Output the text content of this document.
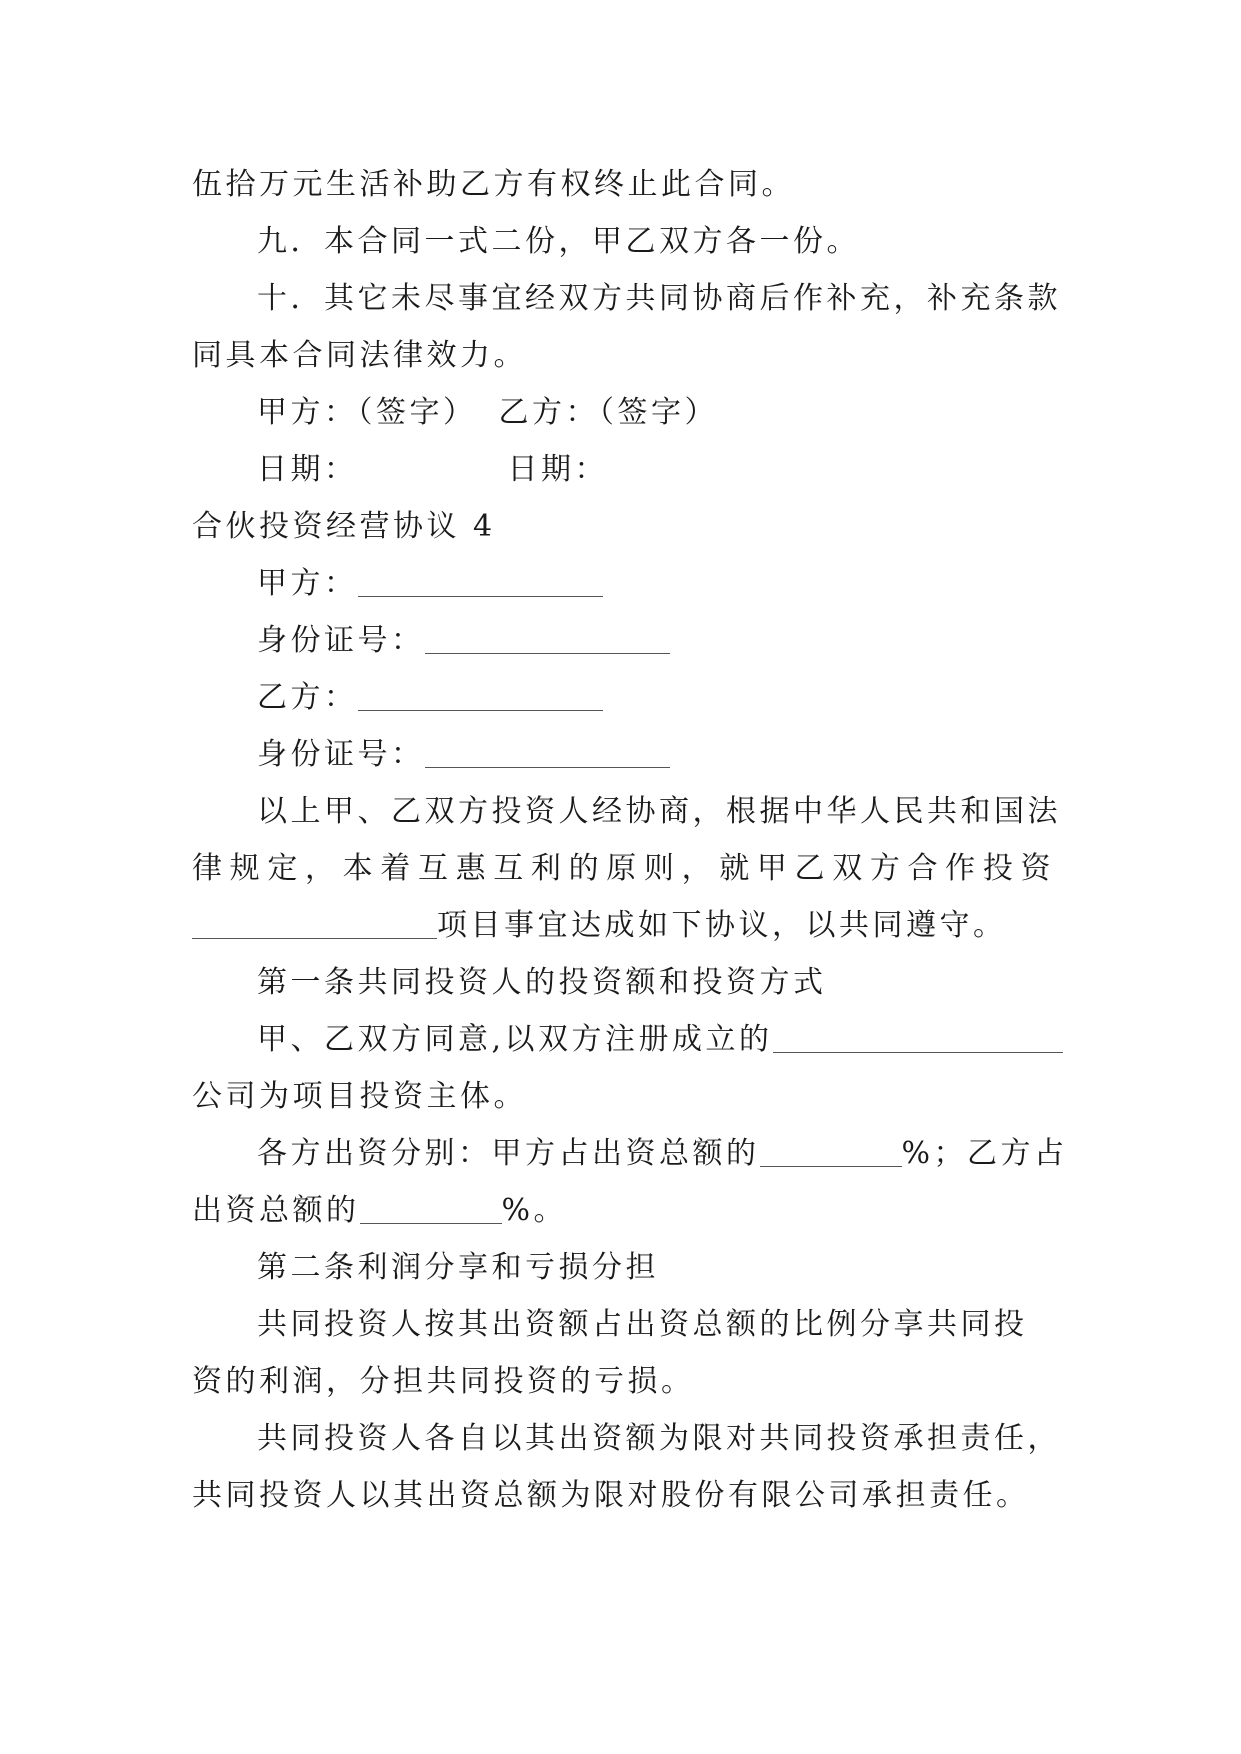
伍拾万元生活补助乙方有权终止此合同。
九．本合同一式二份，甲乙双方各一份。
十．其它未尽事宜经双方共同协商后作补充，补充条款
同具本合同法律效力。
甲方：（签字） 乙方：（签字）
日期：	日期：
合伙投资经营协议 4
甲方：
身份证号：
乙方：
身份证号：
以上甲、乙双方投资人经协商，根据中华人民共和国法
律规定，本着互惠互利的原则，就甲乙双方合作投资
项目事宜达成如下协议，以共同遵守。
第一条共同投资人的投资额和投资方式
甲、乙双方同意,以双方注册成立的
公司为项目投资主体。
各方出资分别：甲方占出资总额的	%；乙方占
出资总额的	%。
第二条利润分享和亏损分担
共同投资人按其出资额占出资总额的比例分享共同投
资的利润，分担共同投资的亏损。
共同投资人各自以其出资额为限对共同投资承担责任，
共同投资人以其出资总额为限对股份有限公司承担责任。
